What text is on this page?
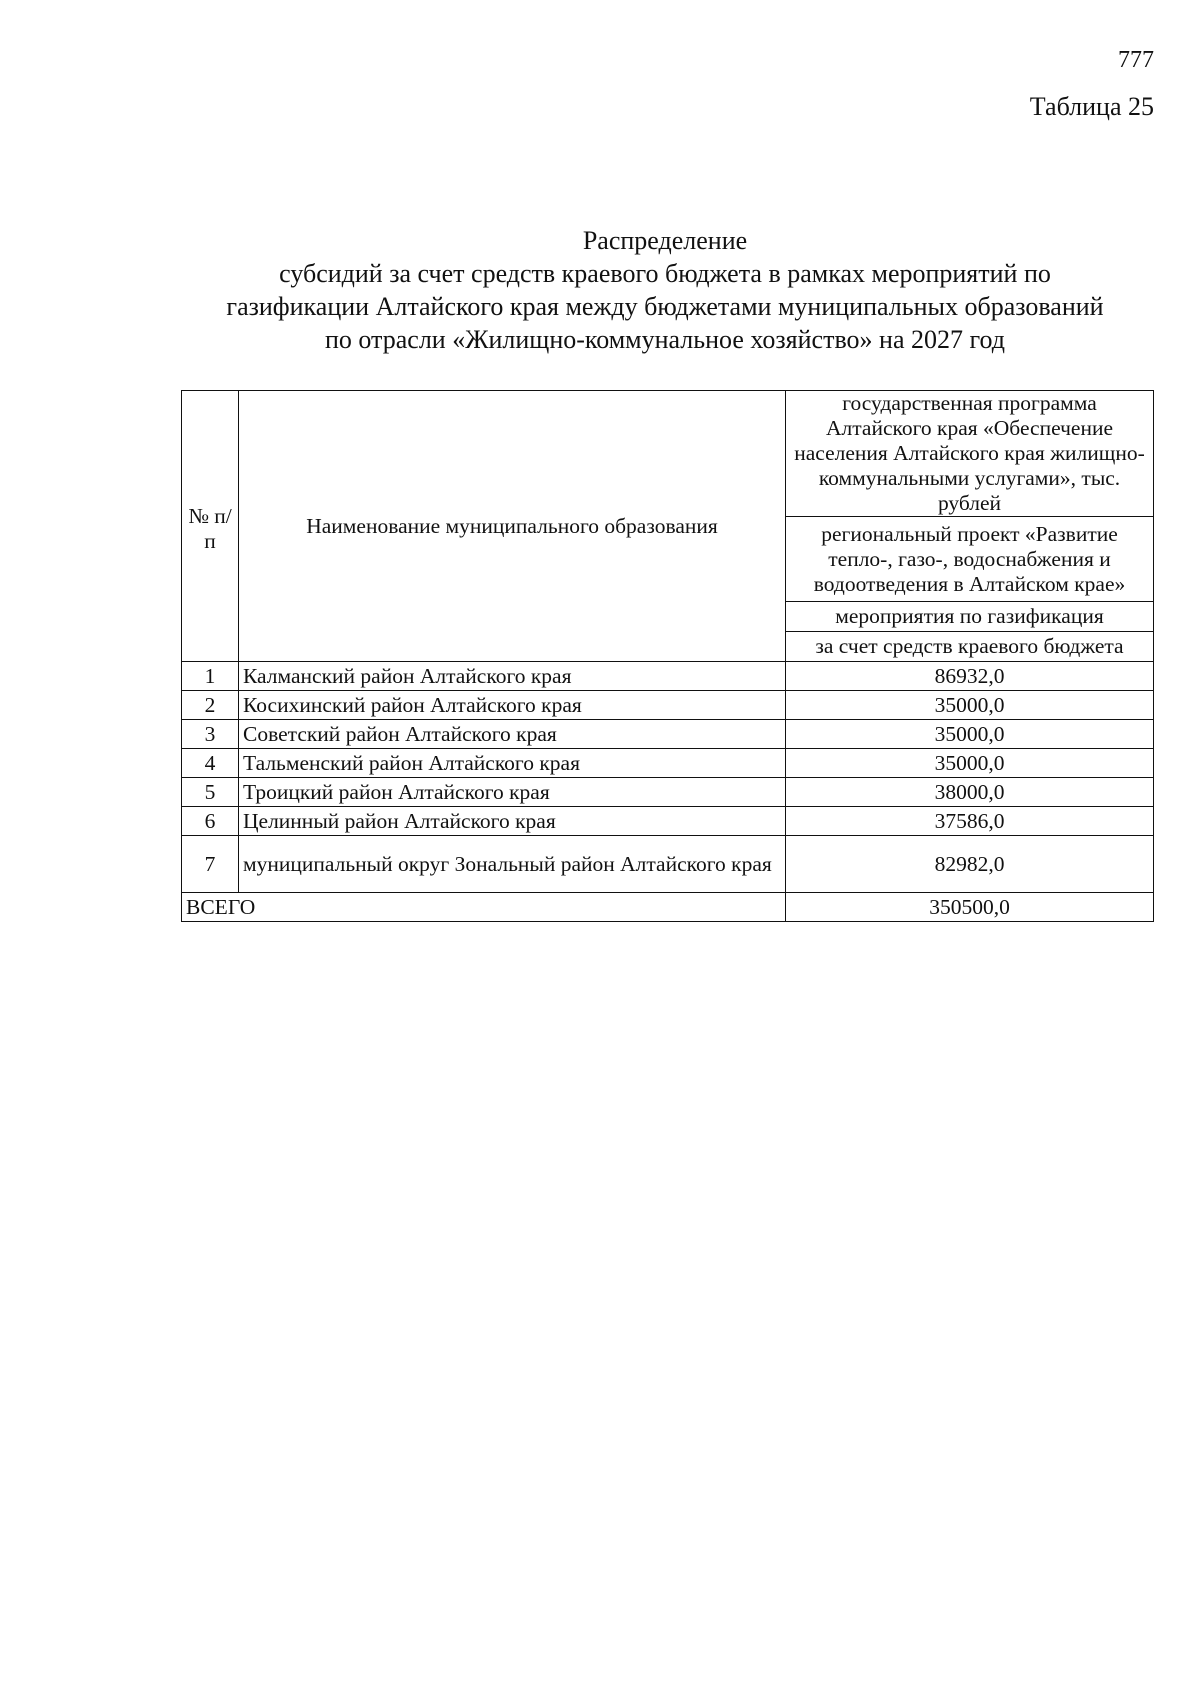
777
Таблица 25
Распределение
субсидий за счет средств краевого бюджета в рамках мероприятий по
газификации Алтайского края между бюджетами муниципальных образований
по отрасли «Жилищно-коммунальное хозяйство» на 2027 год
№ п/п	Наименование муниципального образования	государственная программа Алтайского края «Обеспечение населения Алтайского края жилищно-коммунальными услугами», тыс. рублей
		региональный проект «Развитие тепло-, газо-, водоснабжения и водоотведения в Алтайском крае»
		мероприятия по газификация
		за счет средств краевого бюджета
1	Калманский район Алтайского края	86932,0
2	Косихинский район Алтайского края	35000,0
3	Советский район Алтайского края	35000,0
4	Тальменский район Алтайского края	35000,0
5	Троицкий район Алтайского края	38000,0
6	Целинный район Алтайского края	37586,0
7	муниципальный округ Зональный район Алтайского края	82982,0
ВСЕГО		350500,0
